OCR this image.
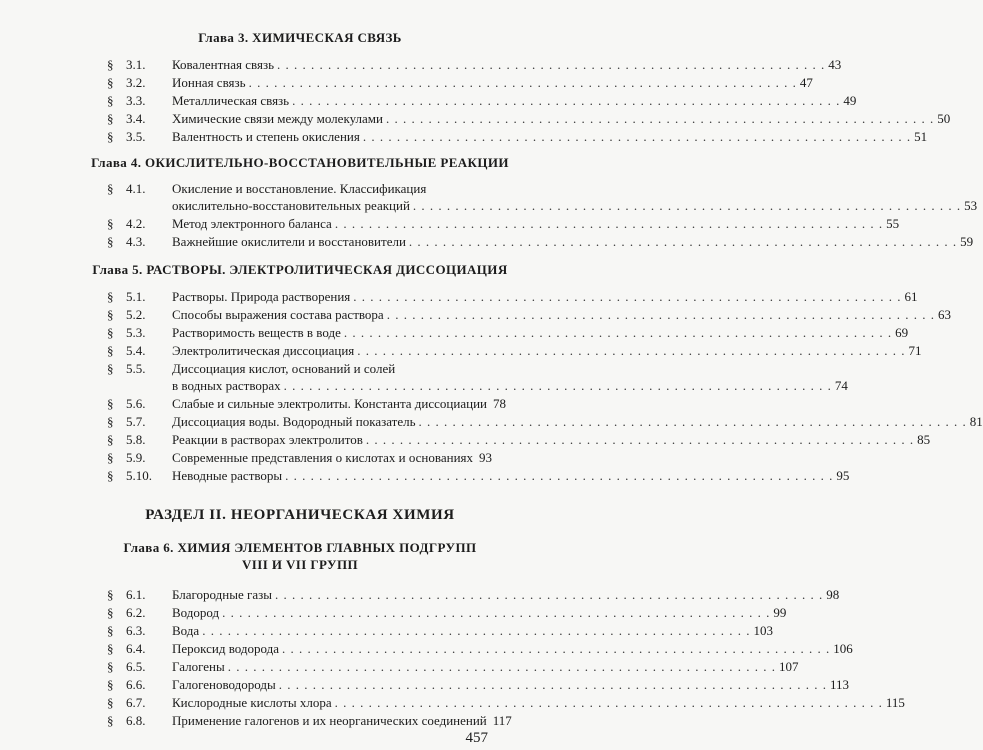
Глава 3. ХИМИЧЕСКАЯ СВЯЗЬ
§ 3.1. Ковалентная связь . . . . . . . . . . . . . . . . . . . . . . . . . . . . . . . . . . . . . . . . . . . . . . . . . . . . . . . . . . . . . . . . . 43
§ 3.2. Ионная связь . . . . . . . . . . . . . . . . . . . . . . . . . . . . . . . . . . . . . . . . . . . . . . . . . . . . . . . . . . . . . . . . . 47
§ 3.3. Металлическая связь . . . . . . . . . . . . . . . . . . . . . . . . . . . . . . . . . . . . . . . . . . . . . . . . . . . . . . . . . . . . . . . . . 49
§ 3.4. Химические связи между молекулами . . . . . . . . . . . . . . . . . . . . . . . . . . . . . . . . . . . . . . . . . . . . . . . . . . . . . . . . . . . . . . . . . 50
§ 3.5. Валентность и степень окисления . . . . . . . . . . . . . . . . . . . . . . . . . . . . . . . . . . . . . . . . . . . . . . . . . . . . . . . . . . . . . . . . . 51
Глава 4. ОКИСЛИТЕЛЬНО-ВОССТАНОВИТЕЛЬНЫЕ РЕАКЦИИ
§ 4.1. Окисление и восстановление. Классификация
окислительно-восстановительных реакций . . . . . . . . . . . . . . . . . . . . . . . . . . . . . . . . . . . . . . . . . . . . . . . . . . . . . . . . . . . . . . . . . 53
§ 4.2. Метод электронного баланса . . . . . . . . . . . . . . . . . . . . . . . . . . . . . . . . . . . . . . . . . . . . . . . . . . . . . . . . . . . . . . . . . 55
§ 4.3. Важнейшие окислители и восстановители . . . . . . . . . . . . . . . . . . . . . . . . . . . . . . . . . . . . . . . . . . . . . . . . . . . . . . . . . . . . . . . . . 59
Глава 5. РАСТВОРЫ. ЭЛЕКТРОЛИТИЧЕСКАЯ ДИССОЦИАЦИЯ
§ 5.1. Растворы. Природа растворения . . . . . . . . . . . . . . . . . . . . . . . . . . . . . . . . . . . . . . . . . . . . . . . . . . . . . . . . . . . . . . . . . 61
§ 5.2. Способы выражения состава раствора . . . . . . . . . . . . . . . . . . . . . . . . . . . . . . . . . . . . . . . . . . . . . . . . . . . . . . . . . . . . . . . . . 63
§ 5.3. Растворимость веществ в воде . . . . . . . . . . . . . . . . . . . . . . . . . . . . . . . . . . . . . . . . . . . . . . . . . . . . . . . . . . . . . . . . . 69
§ 5.4. Электролитическая диссоциация . . . . . . . . . . . . . . . . . . . . . . . . . . . . . . . . . . . . . . . . . . . . . . . . . . . . . . . . . . . . . . . . . 71
§ 5.5. Диссоциация кислот, оснований и солей
в водных растворах . . . . . . . . . . . . . . . . . . . . . . . . . . . . . . . . . . . . . . . . . . . . . . . . . . . . . . . . . . . . . . . . . 74
§ 5.6. Слабые и сильные электролиты. Константа диссоциации 78
§ 5.7. Диссоциация воды. Водородный показатель . . . . . . . . . . . . . . . . . . . . . . . . . . . . . . . . . . . . . . . . . . . . . . . . . . . . . . . . . . . . . . . . . 81
§ 5.8. Реакции в растворах электролитов . . . . . . . . . . . . . . . . . . . . . . . . . . . . . . . . . . . . . . . . . . . . . . . . . . . . . . . . . . . . . . . . . 85
§ 5.9. Современные представления о кислотах и основаниях 93
§ 5.10. Неводные растворы . . . . . . . . . . . . . . . . . . . . . . . . . . . . . . . . . . . . . . . . . . . . . . . . . . . . . . . . . . . . . . . . . 95
РАЗДЕЛ II. НЕОРГАНИЧЕСКАЯ ХИМИЯ
Глава 6. ХИМИЯ ЭЛЕМЕНТОВ ГЛАВНЫХ ПОДГРУПП
VIII И VII ГРУПП
§ 6.1. Благородные газы . . . . . . . . . . . . . . . . . . . . . . . . . . . . . . . . . . . . . . . . . . . . . . . . . . . . . . . . . . . . . . . . . 98
§ 6.2. Водород . . . . . . . . . . . . . . . . . . . . . . . . . . . . . . . . . . . . . . . . . . . . . . . . . . . . . . . . . . . . . . . . . 99
§ 6.3. Вода . . . . . . . . . . . . . . . . . . . . . . . . . . . . . . . . . . . . . . . . . . . . . . . . . . . . . . . . . . . . . . . . . 103
§ 6.4. Пероксид водорода . . . . . . . . . . . . . . . . . . . . . . . . . . . . . . . . . . . . . . . . . . . . . . . . . . . . . . . . . . . . . . . . . 106
§ 6.5. Галогены . . . . . . . . . . . . . . . . . . . . . . . . . . . . . . . . . . . . . . . . . . . . . . . . . . . . . . . . . . . . . . . . . 107
§ 6.6. Галогеноводороды . . . . . . . . . . . . . . . . . . . . . . . . . . . . . . . . . . . . . . . . . . . . . . . . . . . . . . . . . . . . . . . . . 113
§ 6.7. Кислородные кислоты хлора . . . . . . . . . . . . . . . . . . . . . . . . . . . . . . . . . . . . . . . . . . . . . . . . . . . . . . . . . . . . . . . . . 115
§ 6.8. Применение галогенов и их неорганических соединений 117
457
